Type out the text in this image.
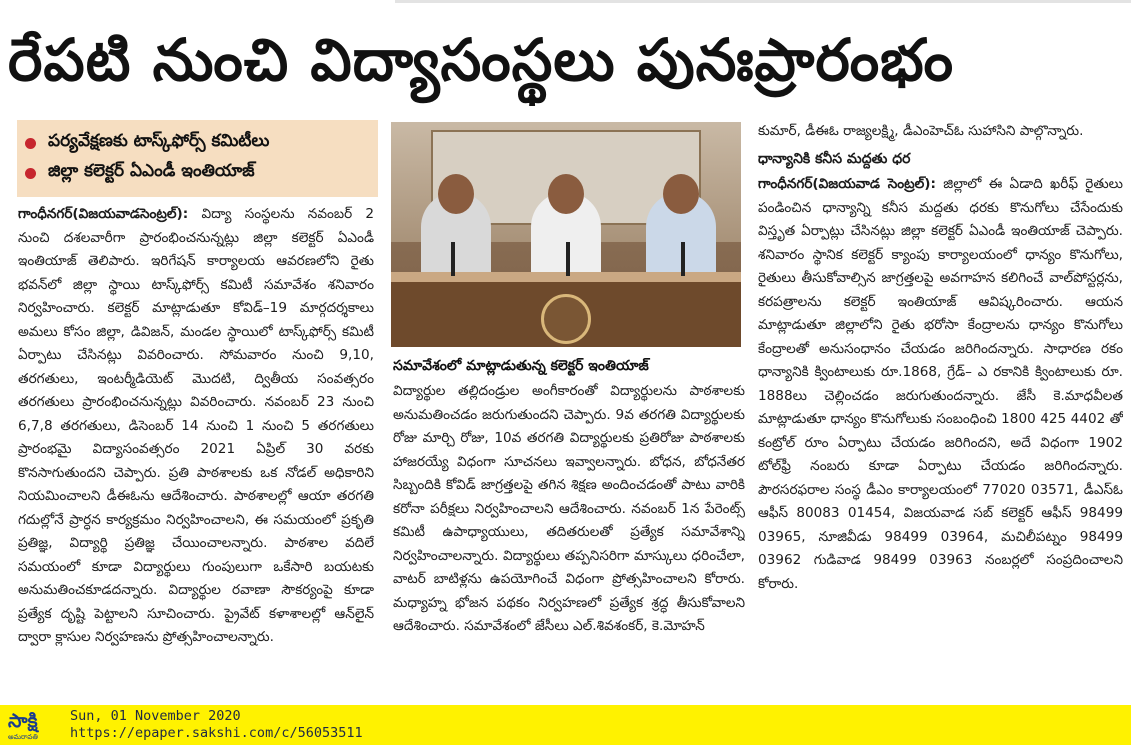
రేపటి నుంచి విద్యాసంస్థలు పునఃప్రారంభం
పర్యవేక్షణకు టాస్క్‌ఫోర్స్ కమిటీలు
జిల్లా కలెక్టర్ ఏఎండీ ఇంతియాజ్

గాంధీనగర్(విజయవాడసెంట్రల్): విద్యా సంస్థలను నవంబర్ 2 నుంచి దశలవారీగా ప్రారంభించనున్నట్లు జిల్లా కలెక్టర్ ఏఎండీ ఇంతియాజ్ తెలిపారు. ఇరిగేషన్ కార్యాలయ ఆవరణలోని రైతు భవన్‌లో జిల్లా స్థాయి టాస్క్‌ఫోర్స్ కమిటీ సమావేశం శనివారం నిర్వహించారు. కలెక్టర్ మాట్లాడుతూ కోవిడ్–19 మార్గదర్శకాలు అమలు కోసం జిల్లా, డివిజన్, మండల స్థాయిలో టాస్క్‌ఫోర్స్ కమిటీ ఏర్పాటు చేసినట్లు వివరించారు. సోమవారం నుంచి 9,10, తరగతులు, ఇంటర్మీడియెట్ మొదటి, ద్వితీయ సంవత్సరం తరగతులు ప్రారంభించనున్నట్లు వివరించారు. నవంబర్ 23 నుంచి 6,7,8 తరగతులు, డిసెంబర్ 14 నుంచి 1 నుంచి 5 తరగతులు ప్రారంభమై విద్యాసంవత్సరం 2021 ఏప్రిల్ 30 వరకు కొనసాగుతుందని చెప్పారు. ప్రతి పాఠశాలకు ఒక నోడల్ అధికారిని నియమించాలని డీఈఓను ఆదేశించారు. పాఠశాలల్లో ఆయా తరగతి గదుల్లోనే ప్రార్ధన కార్యక్రమం నిర్వహించాలని, ఈ సమయంలో ప్రకృతి ప్రతిజ్ఞ, విద్యార్థి ప్రతిజ్ఞ చేయించాలన్నారు. పాఠశాల వదిలే సమయంలో కూడా విద్యార్థులు గుంపులుగా ఒకేసారి బయటకు అనుమతించకూడదన్నారు. విద్యార్థుల రవాణా సౌకర్యంపై కూడా ప్రత్యేక దృష్టి పెట్టాలని సూచించారు. ప్రైవేట్ కళాశాలల్లో ఆన్‌లైన్ ద్వారా క్లాసుల నిర్వహణను ప్రోత్సహించాలన్నారు.

సమావేశంలో మాట్లాడుతున్న కలెక్టర్ ఇంతియాజ్

విద్యార్థుల తల్లిదండ్రుల అంగీకారంతో విద్యార్థులను పాఠశాలకు అనుమతించడం జరుగుతుందని చెప్పారు. 9వ తరగతి విద్యార్థులకు రోజు మార్చి రోజు, 10వ తరగతి విద్యార్థులకు ప్రతిరోజు పాఠశాలకు హాజరయ్యే విధంగా సూచనలు ఇవ్వాలన్నారు. బోధన, బోధనేతర సిబ్బందికి కోవిడ్ జాగ్రత్తలపై తగిన శిక్షణ అందించడంతో పాటు వారికి కరోనా పరీక్షలు నిర్వహించాలని ఆదేశించారు. నవంబర్ 1న పేరెంట్స్ కమిటీ ఉపాధ్యాయులు, తదితరులతో ప్రత్యేక సమావేశాన్ని నిర్వహించాలన్నారు. విద్యార్థులు తప్పనిసరిగా మాస్కులు ధరించేలా, వాటర్ బాటిళ్లను ఉపయోగించే విధంగా ప్రోత్సహించాలని కోరారు. మధ్యాహ్న భోజన పథకం నిర్వహణలో ప్రత్యేక శ్రద్ధ తీసుకోవాలని ఆదేశించారు. సమావేశంలో జేసీలు ఎల్.శివశంకర్, కె.మోహన్

కుమార్, డీఈఓ రాజ్యలక్ష్మి, డీఎంహెచ్ఓ సుహాసిని పాల్గొన్నారు.

ధాన్యానికి కనీస మద్దతు ధర

గాంధీనగర్(విజయవాడ సెంట్రల్): జిల్లాలో ఈ ఏడాది ఖరీఫ్ రైతులు పండించిన ధాన్యాన్ని కనీస మద్దతు ధరకు కొనుగోలు చేసేందుకు విస్తృత ఏర్పాట్లు చేసినట్లు జిల్లా కలెక్టర్ ఏఎండీ ఇంతియాజ్ చెప్పారు. శనివారం స్థానిక కలెక్టర్ క్యాంపు కార్యాలయంలో ధాన్యం కొనుగోలు, రైతులు తీసుకోవాల్సిన జాగ్రత్తలపై అవగాహన కలిగించే వాల్‌పోస్టర్లను, కరపత్రాలను కలెక్టర్ ఇంతియాజ్ ఆవిష్కరించారు. ఆయన మాట్లాడుతూ జిల్లాలోని రైతు భరోసా కేంద్రాలను ధాన్యం కొనుగోలు కేంద్రాలతో అనుసంధానం చేయడం జరిగిందన్నారు. సాధారణ రకం ధాన్యానికి క్వింటాలుకు రూ.1868, గ్రేడ్– ఎ రకానికి క్వింటాలుకు రూ. 1888లు చెల్లించడం జరుగుతుందన్నారు. జేసీ కె.మాధవీలత మాట్లాడుతూ ధాన్యం కొనుగోలుకు సంబంధించి 1800 425 4402 తో కంట్రోల్ రూం ఏర్పాటు చేయడం జరిగిందని, అదే విధంగా 1902 టోల్‌ఫ్రీ నంబరు కూడా ఏర్పాటు చేయడం జరిగిందన్నారు. పౌరసరఫరాల సంస్థ డీఎం కార్యాలయంలో 77020 03571, డీఎస్ఓ ఆఫీస్ 80083 01454, విజయవాడ సబ్ కలెక్టర్ ఆఫీస్ 98499 03965, నూజివీడు 98499 03964, మచిలీపట్నం 98499 03962 గుడివాడ 98499 03963 నంబర్లలో సంప్రదించాలని కోరారు.

సాక్షి
అమరావతి
Sun, 01 November 2020
https://epaper.sakshi.com/c/56053511
